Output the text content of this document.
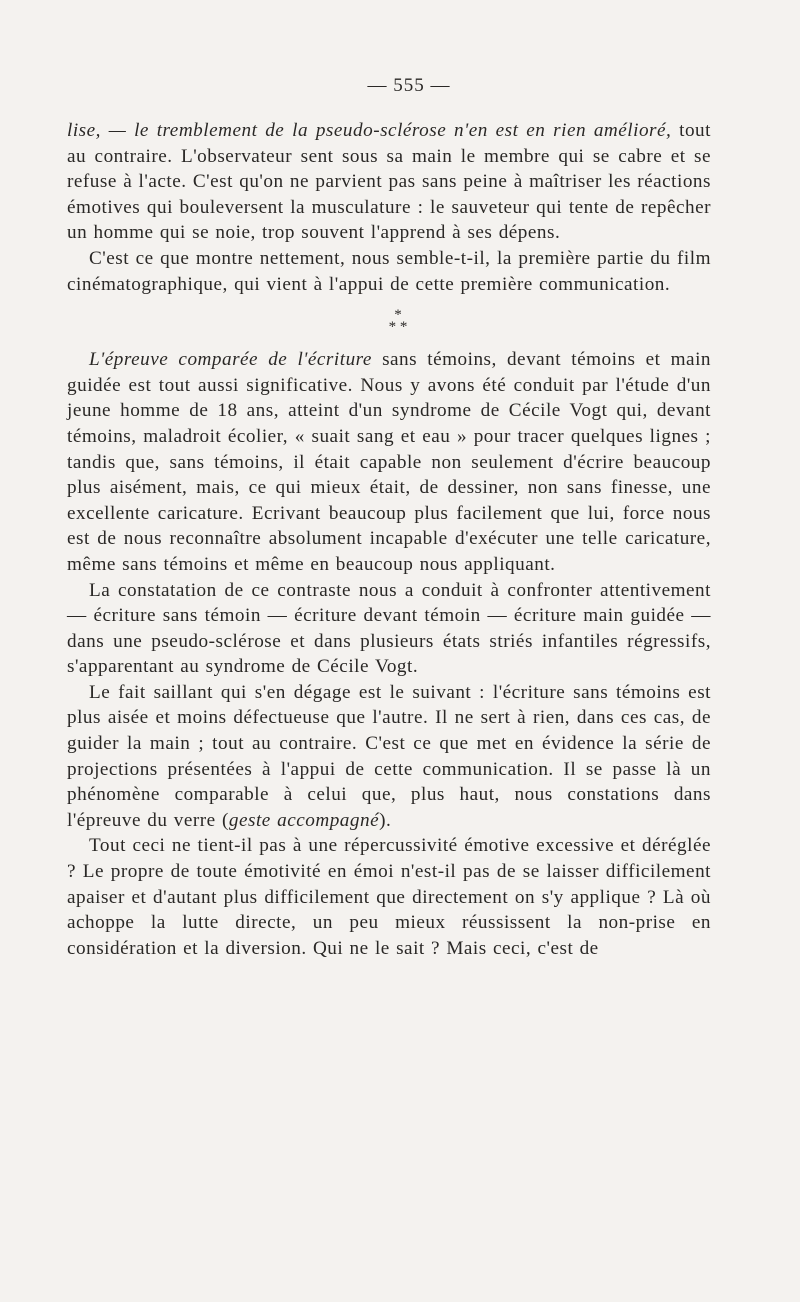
— 555 —

lise, — le tremblement de la pseudo-sclérose n'en est en rien amélioré, tout au contraire. L'observateur sent sous sa main le membre qui se cabre et se refuse à l'acte. C'est qu'on ne parvient pas sans peine à maîtriser les réactions émotives qui bouleversent la musculature : le sauveteur qui tente de repêcher un homme qui se noie, trop souvent l'apprend à ses dépens.

C'est ce que montre nettement, nous semble-t-il, la première partie du film cinématographique, qui vient à l'appui de cette première communication.

*
* *

L'épreuve comparée de l'écriture sans témoins, devant témoins et main guidée est tout aussi significative. Nous y avons été conduit par l'étude d'un jeune homme de 18 ans, atteint d'un syndrome de Cécile Vogt qui, devant témoins, maladroit écolier, « suait sang et eau » pour tracer quelques lignes ; tandis que, sans témoins, il était capable non seulement d'écrire beaucoup plus aisément, mais, ce qui mieux était, de dessiner, non sans finesse, une excellente caricature. Ecrivant beaucoup plus facilement que lui, force nous est de nous reconnaître absolument incapable d'exécuter une telle caricature, même sans témoins et même en beaucoup nous appliquant.

La constatation de ce contraste nous a conduit à confronter attentivement — écriture sans témoin — écriture devant témoin — écriture main guidée — dans une pseudo-sclérose et dans plusieurs états striés infantiles régressifs, s'apparentant au syndrome de Cécile Vogt.

Le fait saillant qui s'en dégage est le suivant : l'écriture sans témoins est plus aisée et moins défectueuse que l'autre. Il ne sert à rien, dans ces cas, de guider la main ; tout au contraire. C'est ce que met en évidence la série de projections présentées à l'appui de cette communication. Il se passe là un phénomène comparable à celui que, plus haut, nous constations dans l'épreuve du verre (geste accompagné).

Tout ceci ne tient-il pas à une répercussivité émotive excessive et déréglée ? Le propre de toute émotivité en émoi n'est-il pas de se laisser difficilement apaiser et d'autant plus difficilement que directement on s'y applique ? Là où achoppe la lutte directe, un peu mieux réussissent la non-prise en considération et la diversion. Qui ne le sait ? Mais ceci, c'est de
